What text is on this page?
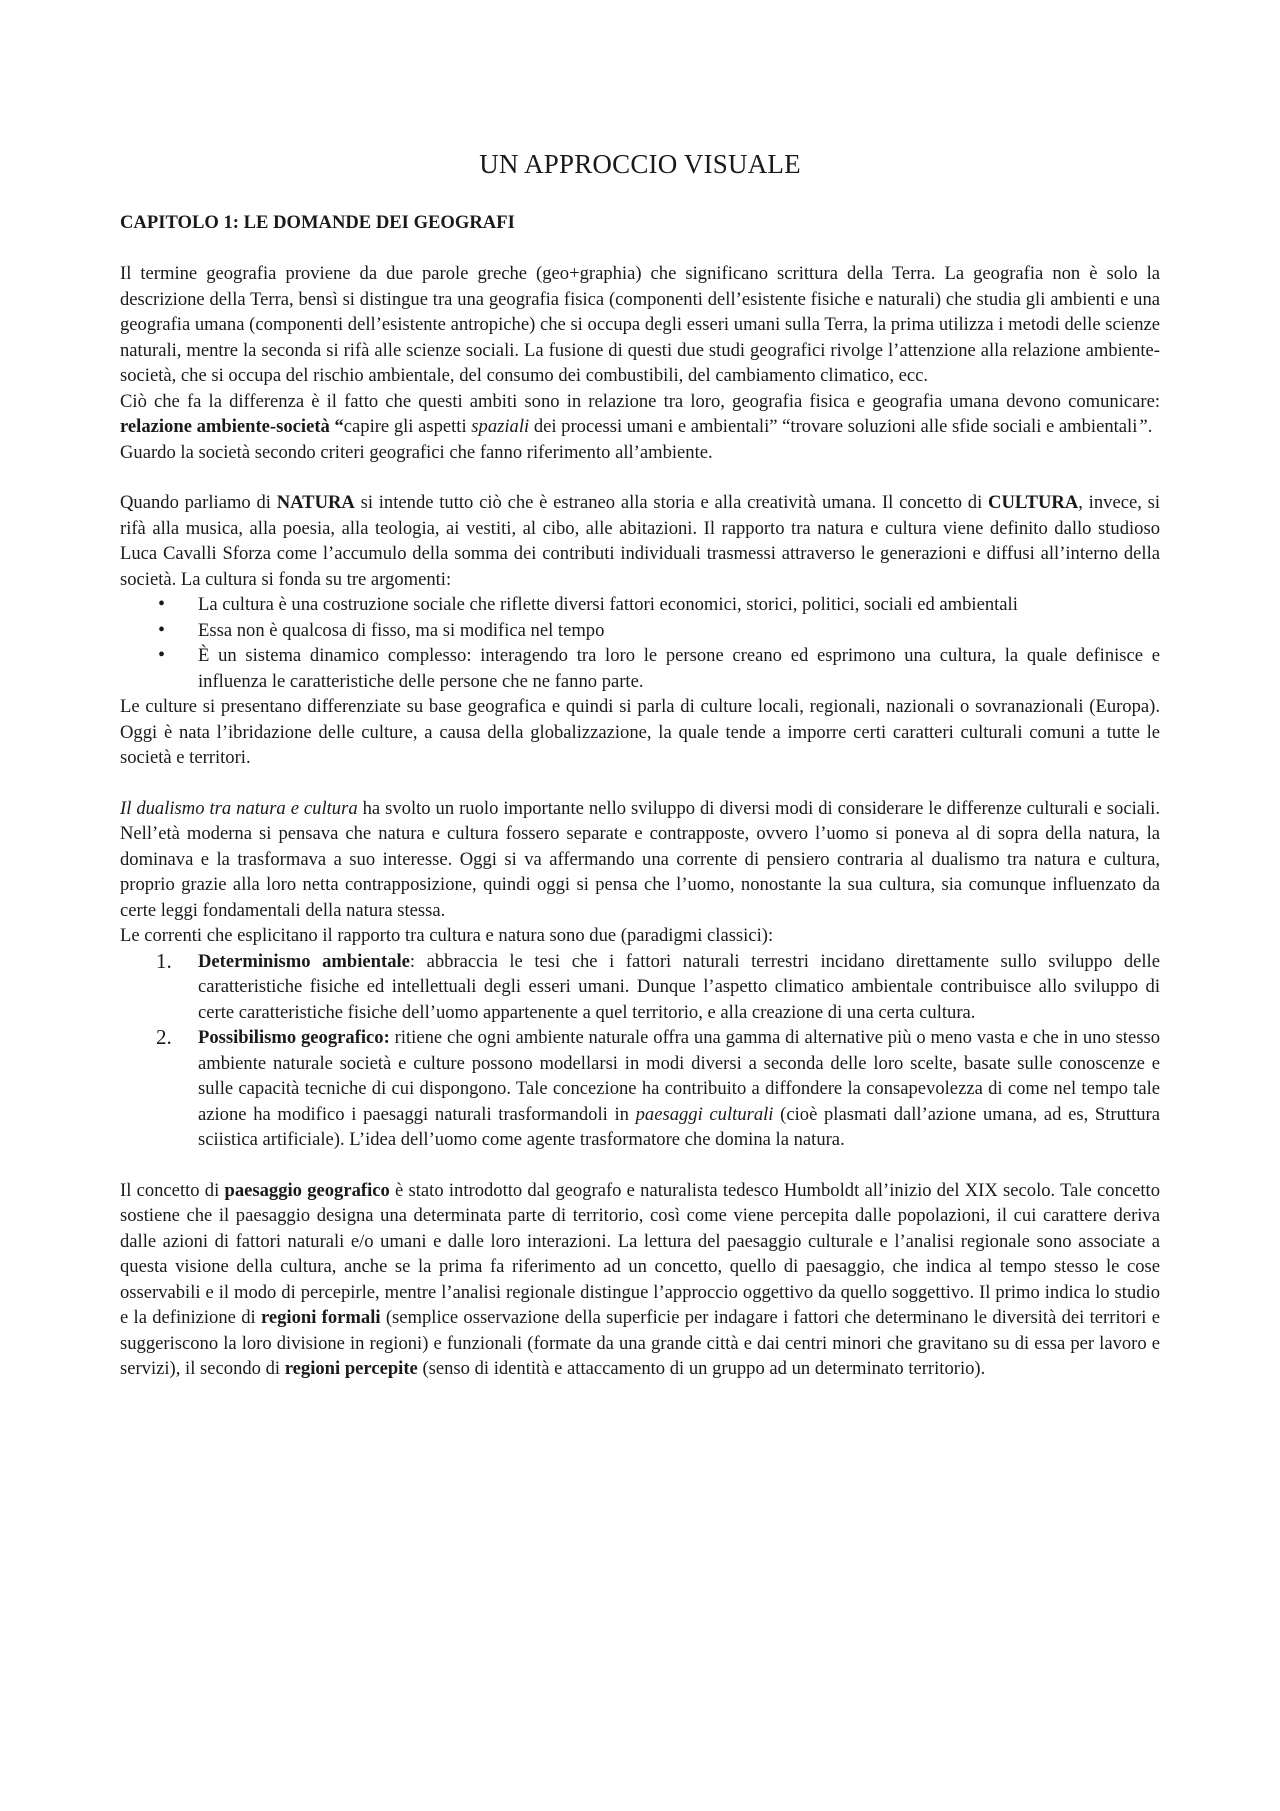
UN APPROCCIO VISUALE
CAPITOLO 1: LE DOMANDE DEI GEOGRAFI

Il termine geografia proviene da due parole greche (geo+graphia) che significano scrittura della Terra. La geografia non è solo la descrizione della Terra, bensì si distingue tra una geografia fisica (componenti dell’esistente fisiche e naturali) che studia gli ambienti e una geografia umana (componenti dell’esistente antropiche) che si occupa degli esseri umani sulla Terra, la prima utilizza i metodi delle scienze naturali, mentre la seconda si rifà alle scienze sociali. La fusione di questi due studi geografici rivolge l’attenzione alla relazione ambiente-società, che si occupa del rischio ambientale, del consumo dei combustibili, del cambiamento climatico, ecc.

Ciò che fa la differenza è il fatto che questi ambiti sono in relazione tra loro, geografia fisica e geografia umana devono comunicare: relazione ambiente-società “capire gli aspetti spaziali dei processi umani e ambientali” “trovare soluzioni alle sfide sociali e ambientali”.

Guardo la società secondo criteri geografici che fanno riferimento all’ambiente.

Quando parliamo di NATURA si intende tutto ciò che è estraneo alla storia e alla creatività umana. Il concetto di CULTURA, invece, si rifà alla musica, alla poesia, alla teologia, ai vestiti, al cibo, alle abitazioni. Il rapporto tra natura e cultura viene definito dallo studioso Luca Cavalli Sforza come l’accumulo della somma dei contributi individuali trasmessi attraverso le generazioni e diffusi all’interno della società. La cultura si fonda su tre argomenti:

• La cultura è una costruzione sociale che riflette diversi fattori economici, storici, politici, sociali ed ambientali
• Essa non è qualcosa di fisso, ma si modifica nel tempo
• È un sistema dinamico complesso: interagendo tra loro le persone creano ed esprimono una cultura, la quale definisce e influenza le caratteristiche delle persone che ne fanno parte.

Le culture si presentano differenziate su base geografica e quindi si parla di culture locali, regionali, nazionali o sovranazionali (Europa). Oggi è nata l’ibridazione delle culture, a causa della globalizzazione, la quale tende a imporre certi caratteri culturali comuni a tutte le società e territori.

Il dualismo tra natura e cultura ha svolto un ruolo importante nello sviluppo di diversi modi di considerare le differenze culturali e sociali. Nell’età moderna si pensava che natura e cultura fossero separate e contrapposte, ovvero l’uomo si poneva al di sopra della natura, la dominava e la trasformava a suo interesse. Oggi si va affermando una corrente di pensiero contraria al dualismo tra natura e cultura, proprio grazie alla loro netta contrapposizione, quindi oggi si pensa che l’uomo, nonostante la sua cultura, sia comunque influenzato da certe leggi fondamentali della natura stessa.

Le correnti che esplicitano il rapporto tra cultura e natura sono due (paradigmi classici):

1. Determinismo ambientale: abbraccia le tesi che i fattori naturali terrestri incidano direttamente sullo sviluppo delle caratteristiche fisiche ed intellettuali degli esseri umani. Dunque l’aspetto climatico ambientale contribuisce allo sviluppo di certe caratteristiche fisiche dell’uomo appartenente a quel territorio, e alla creazione di una certa cultura.
2. Possibilismo geografico: ritiene che ogni ambiente naturale offra una gamma di alternative più o meno vasta e che in uno stesso ambiente naturale società e culture possono modellarsi in modi diversi a seconda delle loro scelte, basate sulle conoscenze e sulle capacità tecniche di cui dispongono. Tale concezione ha contribuito a diffondere la consapevolezza di come nel tempo tale azione ha modifico i paesaggi naturali trasformandoli in paesaggi culturali (cioè plasmati dall’azione umana, ad es, Struttura sciistica artificiale). L’idea dell’uomo come agente trasformatore che domina la natura.

Il concetto di paesaggio geografico è stato introdotto dal geografo e naturalista tedesco Humboldt all’inizio del XIX secolo. Tale concetto sostiene che il paesaggio designa una determinata parte di territorio, così come viene percepita dalle popolazioni, il cui carattere deriva dalle azioni di fattori naturali e/o umani e dalle loro interazioni. La lettura del paesaggio culturale e l’analisi regionale sono associate a questa visione della cultura, anche se la prima fa riferimento ad un concetto, quello di paesaggio, che indica al tempo stesso le cose osservabili e il modo di percepirle, mentre l’analisi regionale distingue l’approccio oggettivo da quello soggettivo. Il primo indica lo studio e la definizione di regioni formali (semplice osservazione della superficie per indagare i fattori che determinano le diversità dei territori e suggeriscono la loro divisione in regioni) e funzionali (formate da una grande città e dai centri minori che gravitano su di essa per lavoro e servizi), il secondo di regioni percepite (senso di identità e attaccamento di un gruppo ad un determinato territorio).
